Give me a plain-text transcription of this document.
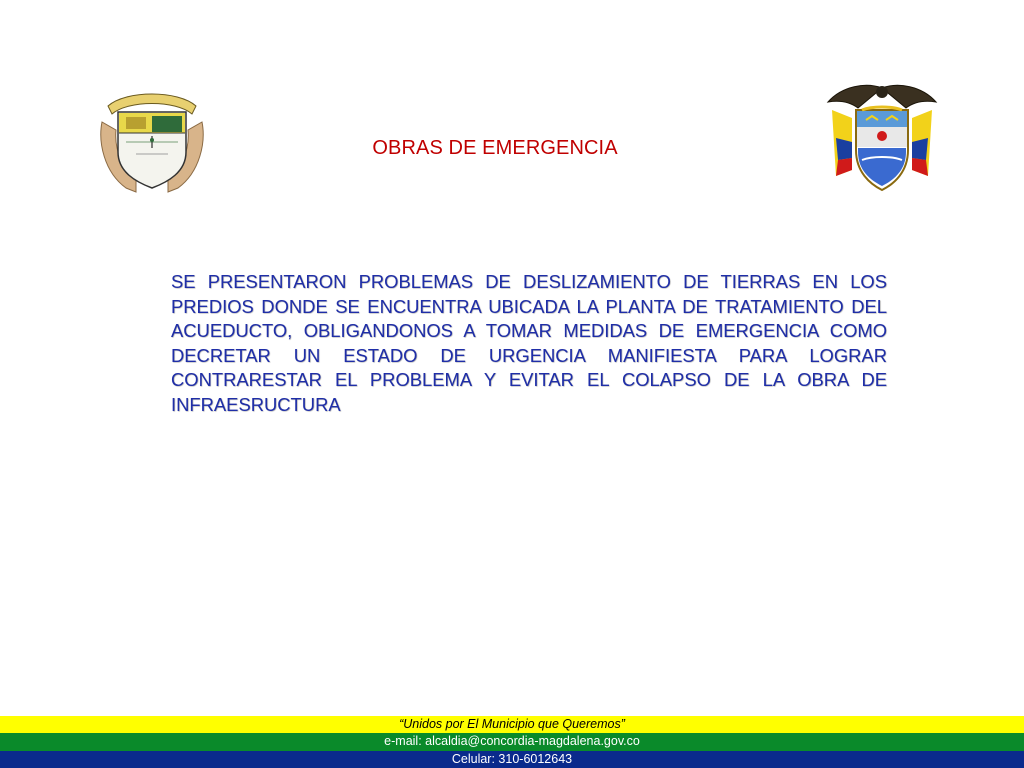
OBRAS DE EMERGENCIA
SE PRESENTARON PROBLEMAS DE DESLIZAMIENTO DE TIERRAS EN LOS PREDIOS DONDE SE ENCUENTRA UBICADA LA PLANTA DE TRATAMIENTO DEL ACUEDUCTO, OBLIGANDONOS A TOMAR MEDIDAS DE EMERGENCIA COMO DECRETAR UN ESTADO DE URGENCIA MANIFIESTA PARA LOGRAR CONTRARESTAR EL PROBLEMA Y EVITAR EL COLAPSO DE LA OBRA DE INFRAESRUCTURA
“Unidos por El Municipio que Queremos”
e-mail: alcaldia@concordia-magdalena.gov.co
Celular: 310-6012643
